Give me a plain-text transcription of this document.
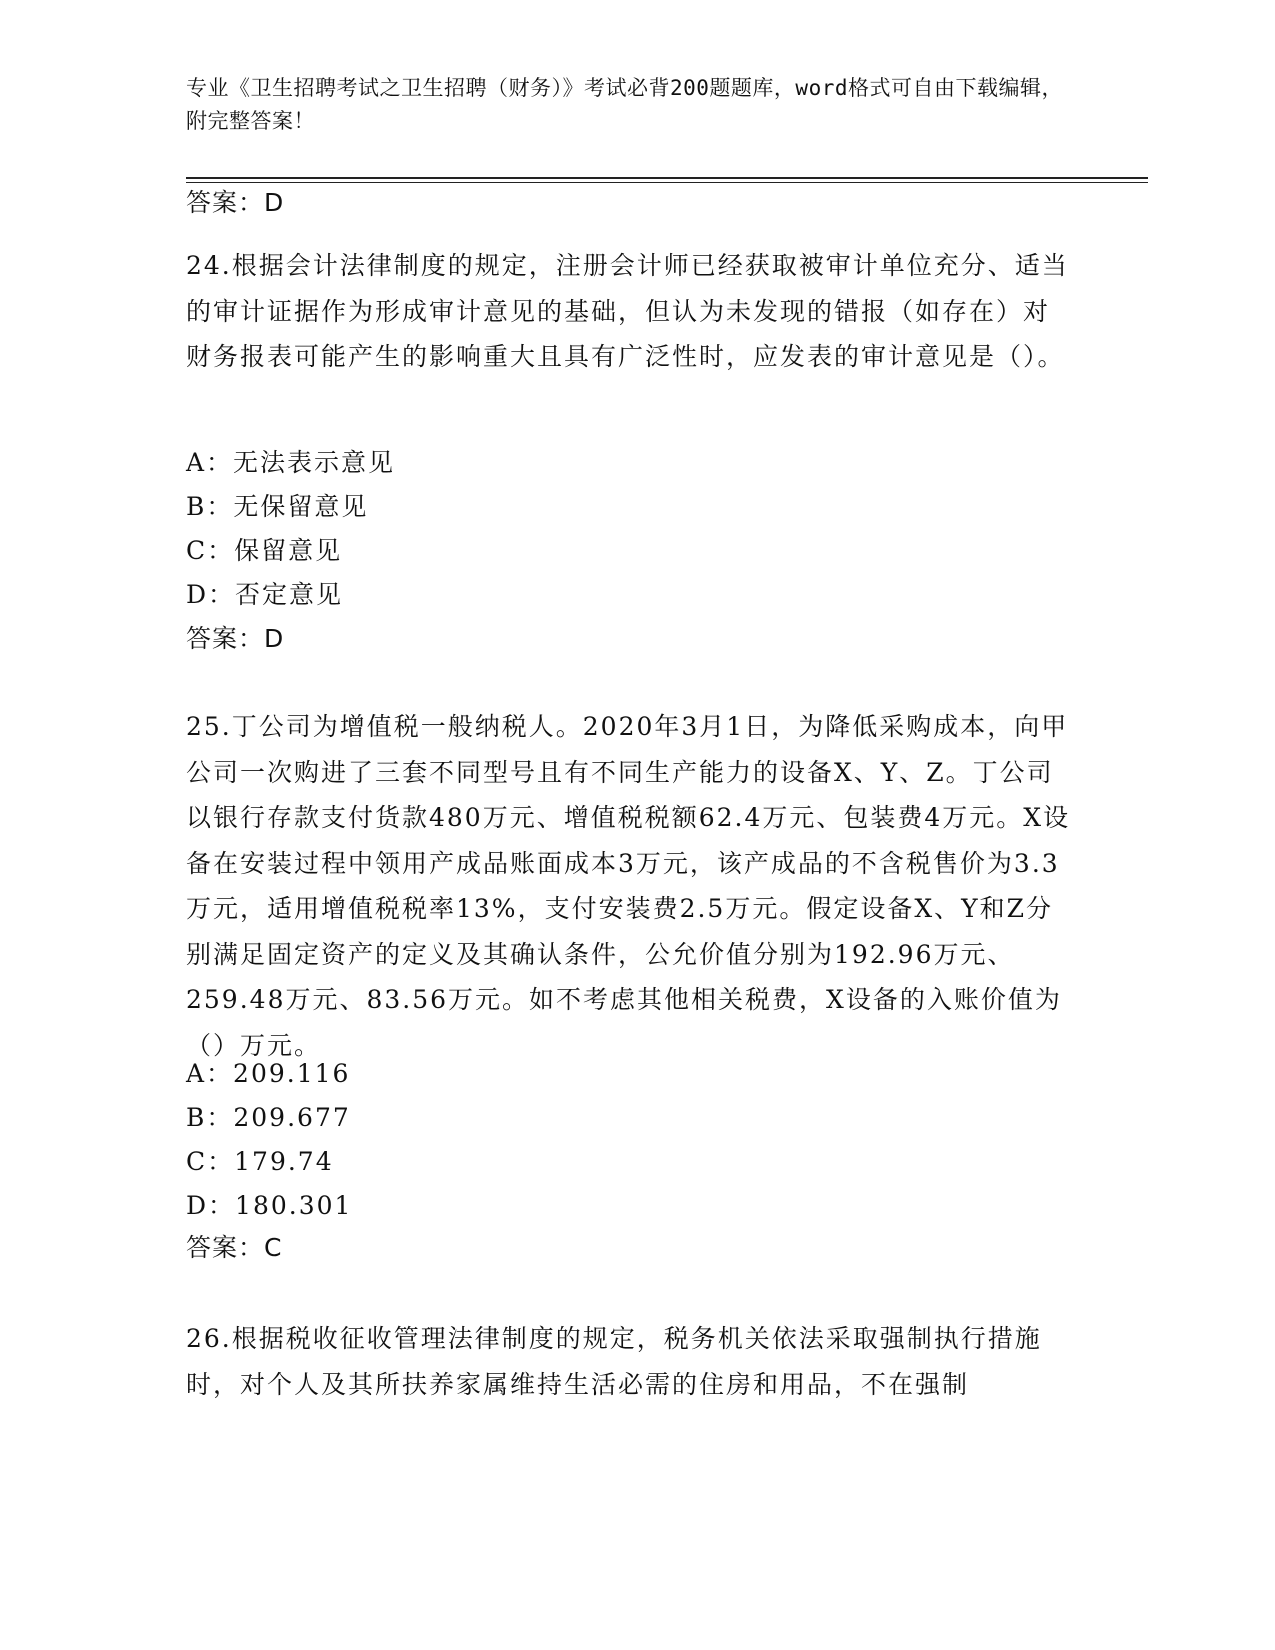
专业《卫生招聘考试之卫生招聘（财务）》考试必背200题题库，word格式可自由下载编辑，附完整答案！
答案：D
24.根据会计法律制度的规定，注册会计师已经获取被审计单位充分、适当的审计证据作为形成审计意见的基础，但认为未发现的错报（如存在）对财务报表可能产生的影响重大且具有广泛性时，应发表的审计意见是（）。
A：无法表示意见
B：无保留意见
C：保留意见
D：否定意见
答案：D
25.丁公司为增值税一般纳税人。2020年3月1日，为降低采购成本，向甲公司一次购进了三套不同型号且有不同生产能力的设备X、Y、Z。丁公司以银行存款支付货款480万元、增值税税额62.4万元、包装费4万元。X设备在安装过程中领用产成品账面成本3万元，该产成品的不含税售价为3.3万元，适用增值税税率13%，支付安装费2.5万元。假定设备X、Y和Z分别满足固定资产的定义及其确认条件，公允价值分别为192.96万元、259.48万元、83.56万元。如不考虑其他相关税费，X设备的入账价值为（）万元。
A：209.116
B：209.677
C：179.74
D：180.301
答案：C
26.根据税收征收管理法律制度的规定，税务机关依法采取强制执行措施时，对个人及其所扶养家属维持生活必需的住房和用品，不在强制
